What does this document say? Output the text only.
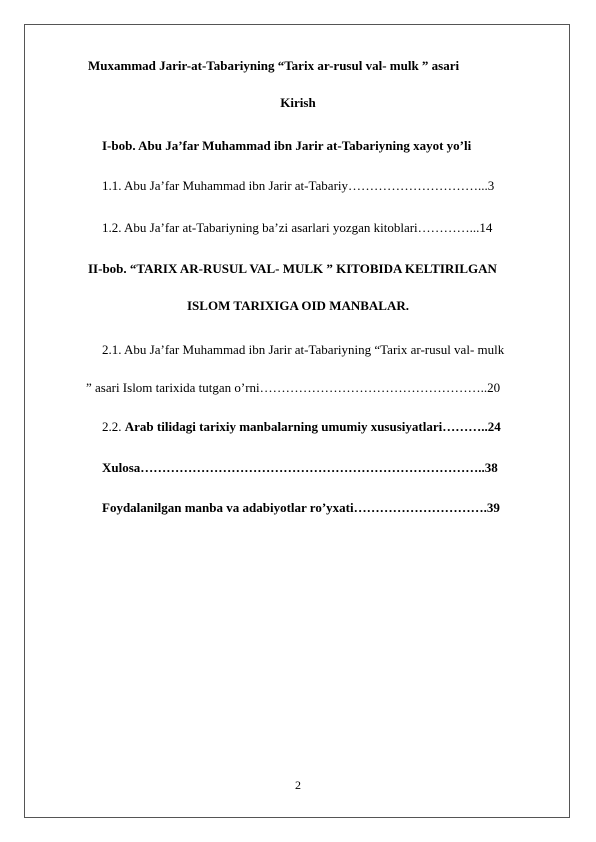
Muxammad Jarir-at-Tabariyning “Tarix ar-rusul val- mulk ” asari
Kirish
I-bob. Abu Ja’far Muhammad ibn Jarir at-Tabariyning xayot yo’li
1.1. Abu Ja’far Muhammad ibn Jarir at-Tabariy…………………………...3
1.2. Abu Ja’far at-Tabariyning ba’zi asarlari yozgan kitoblari…………...14
II-bob. “TARIX AR-RUSUL VAL- MULK ” KITOBIDA KELTIRILGAN
ISLOM TARIXIGA OID MANBALAR.
2.1. Abu Ja’far Muhammad ibn Jarir at-Tabariyning “Tarix ar-rusul val- mulk
” asari Islom tarixida tutgan o’rni……………………………………………..20
2.2. Arab tilidagi tarixiy manbalarning umumiy xususiyatlari………..24
Xulosa……………………………………………………………………..38
Foydalanilgan manba va adabiyotlar ro’yxati………………………….39
2
